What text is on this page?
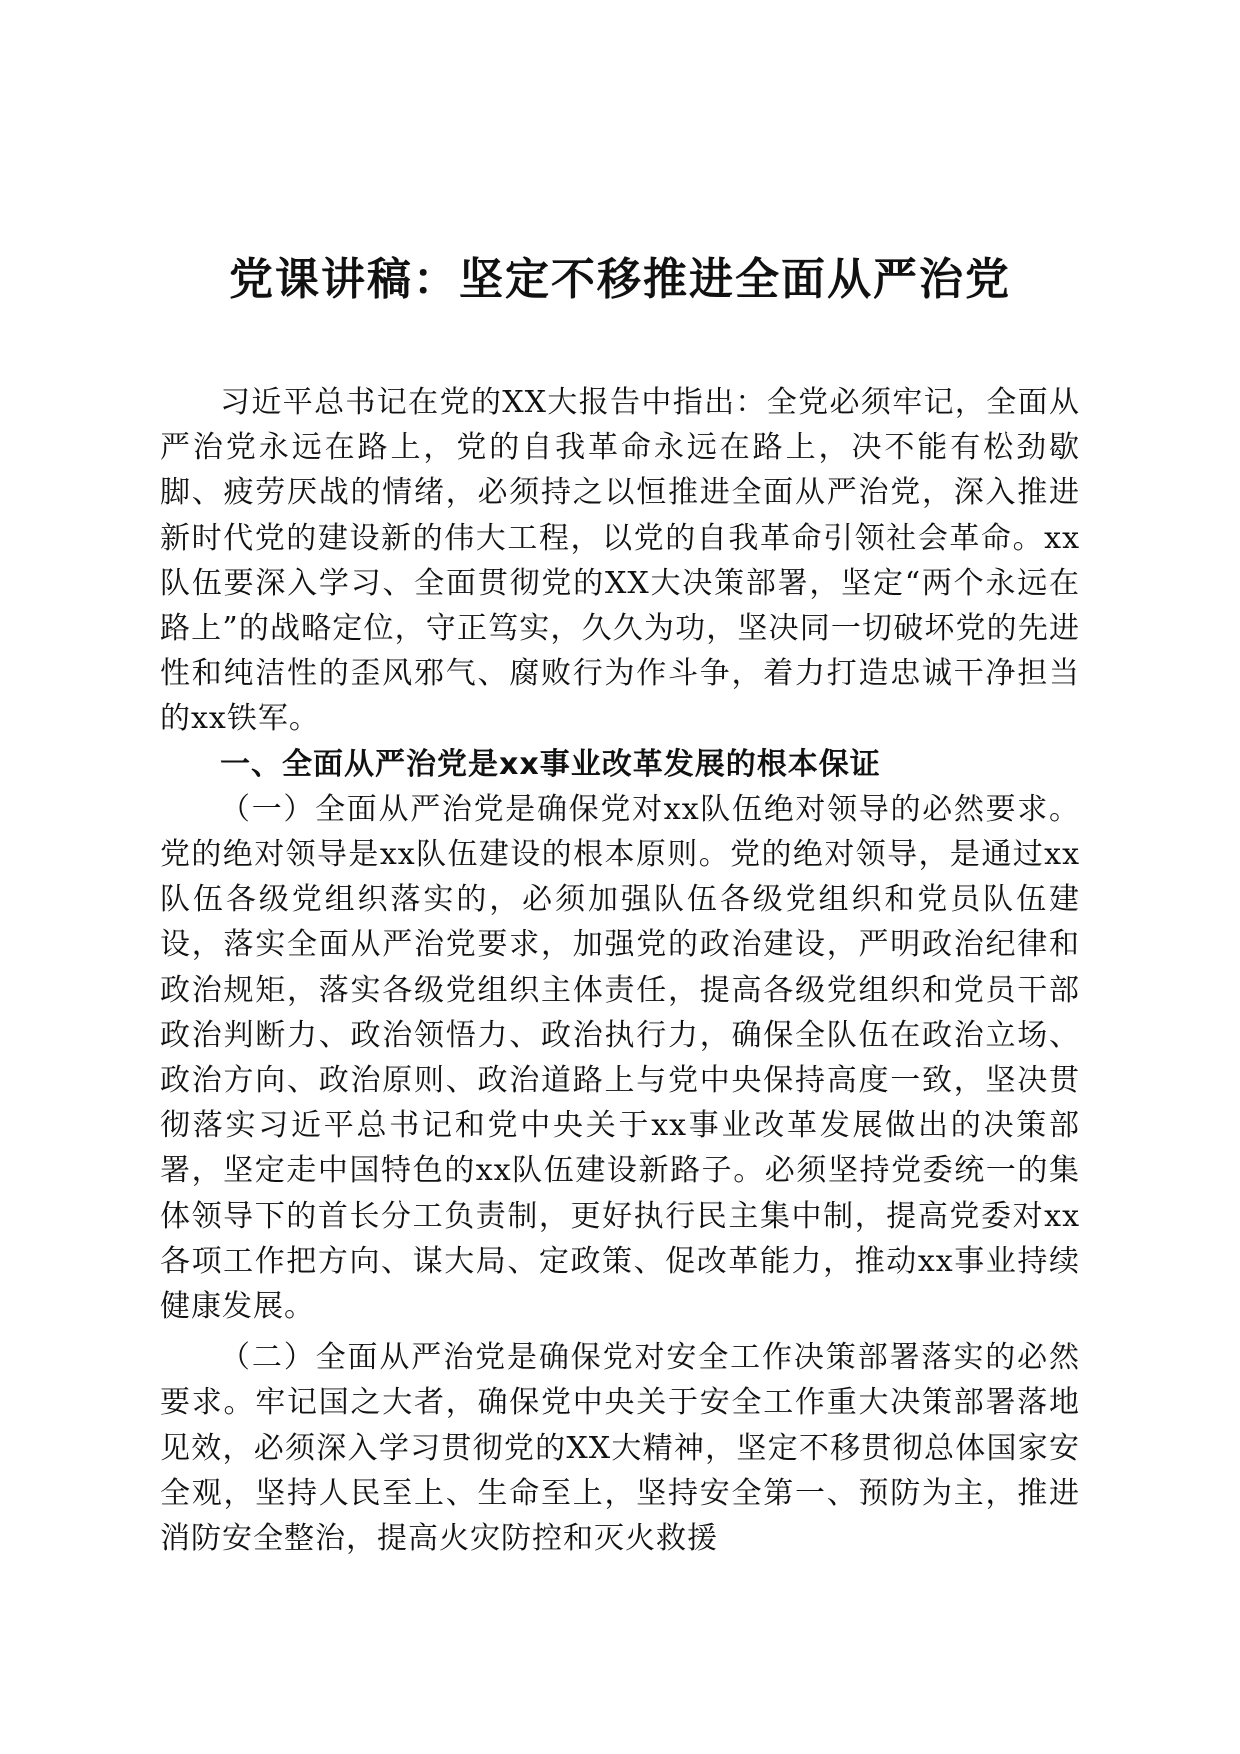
党课讲稿：坚定不移推进全面从严治党

习近平总书记在党的XX大报告中指出：全党必须牢记，全面从严治党永远在路上，党的自我革命永远在路上，决不能有松劲歇脚、疲劳厌战的情绪，必须持之以恒推进全面从严治党，深入推进新时代党的建设新的伟大工程，以党的自我革命引领社会革命。xx队伍要深入学习、全面贯彻党的XX大决策部署，坚定“两个永远在路上”的战略定位，守正笃实，久久为功，坚决同一切破坏党的先进性和纯洁性的歪风邪气、腐败行为作斗争，着力打造忠诚干净担当的xx铁军。

一、全面从严治党是xx事业改革发展的根本保证

（一）全面从严治党是确保党对xx队伍绝对领导的必然要求。党的绝对领导是xx队伍建设的根本原则。党的绝对领导，是通过xx队伍各级党组织落实的，必须加强队伍各级党组织和党员队伍建设，落实全面从严治党要求，加强党的政治建设，严明政治纪律和政治规矩，落实各级党组织主体责任，提高各级党组织和党员干部政治判断力、政治领悟力、政治执行力，确保全队伍在政治立场、政治方向、政治原则、政治道路上与党中央保持高度一致，坚决贯彻落实习近平总书记和党中央关于xx事业改革发展做出的决策部署，坚定走中国特色的xx队伍建设新路子。必须坚持党委统一的集体领导下的首长分工负责制，更好执行民主集中制，提高党委对xx各项工作把方向、谋大局、定政策、促改革能力，推动xx事业持续健康发展。

（二）全面从严治党是确保党对安全工作决策部署落实的必然要求。牢记国之大者，确保党中央关于安全工作重大决策部署落地见效，必须深入学习贯彻党的XX大精神，坚定不移贯彻总体国家安全观，坚持人民至上、生命至上，坚持安全第一、预防为主，推进消防安全整治，提高火灾防控和灭火救援
